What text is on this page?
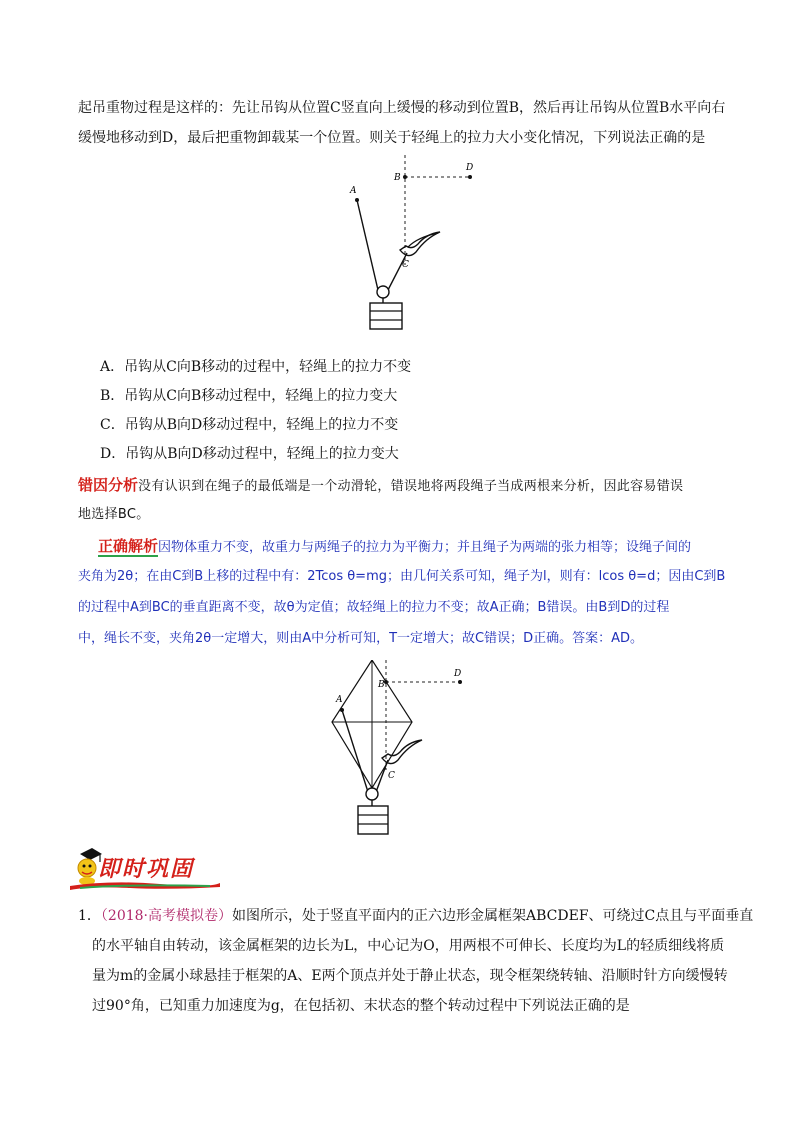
起吊重物过程是这样的：先让吊钩从位置C竖直向上缓慢的移动到位置B，然后再让吊钩从位置B水平向右
缓慢地移动到D，最后把重物卸载某一个位置。则关于轻绳上的拉力大小变化情况，下列说法正确的是
A
B
D
C
A．吊钩从C向B移动的过程中，轻绳上的拉力不变
B．吊钩从C向B移动过程中，轻绳上的拉力变大
C．吊钩从B向D移动过程中，轻绳上的拉力不变
D．吊钩从B向D移动过程中，轻绳上的拉力变大
错因分析没有认识到在绳子的最低端是一个动滑轮，错误地将两段绳子当成两根来分析，因此容易错误
地选择BC。
正确解析因物体重力不变，故重力与两绳子的拉力为平衡力；并且绳子为两端的张力相等；设绳子间的
夹角为2θ；在由C到B上移的过程中有：2Tcos θ=mg；由几何关系可知，绳子为l，则有：lcos θ=d；因由C到B
的过程中A到BC的垂直距离不变，故θ为定值；故轻绳上的拉力不变；故A正确；B错误。由B到D的过程
中，绳长不变，夹角2θ一定增大，则由A中分析可知，T一定增大；故C错误；D正确。答案：AD。
A
B
D
C
即时巩固
1．（2018·高考模拟卷）如图所示，处于竖直平面内的正六边形金属框架ABCDEF、可绕过C点且与平面垂直
的水平轴自由转动，该金属框架的边长为L，中心记为O，用两根不可伸长、长度均为L的轻质细线将质
量为m的金属小球悬挂于框架的A、E两个顶点并处于静止状态，现令框架绕转轴、沿顺时针方向缓慢转
过90°角，已知重力加速度为g，在包括初、末状态的整个转动过程中下列说法正确的是
